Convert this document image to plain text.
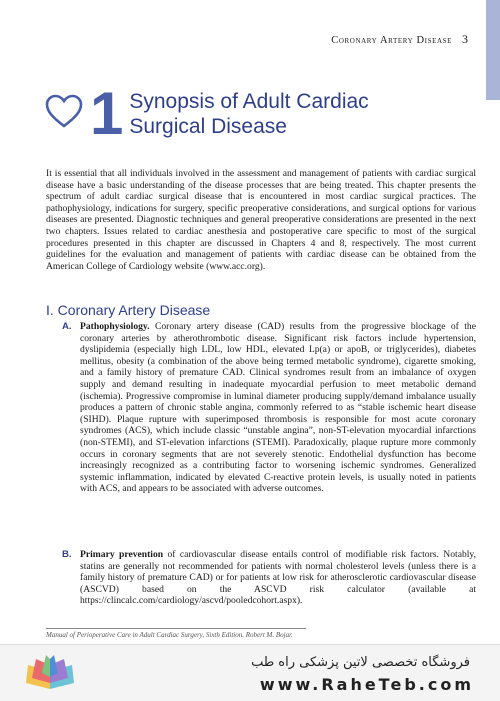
Coronary Artery Disease 3
1 Synopsis of Adult Cardiac
Surgical Disease

It is essential that all individuals involved in the assessment and management of patients with cardiac surgical disease have a basic understanding of the disease processes that are being treated. This chapter presents the spectrum of adult cardiac surgical disease that is encountered in most cardiac surgical practices. The pathophysiology, indications for surgery, specific preoperative considerations, and surgical options for various diseases are presented. Diagnostic techniques and general preoperative considerations are presented in the next two chapters. Issues related to cardiac anesthesia and postoperative care specific to most of the surgical procedures presented in this chapter are discussed in Chapters 4 and 8, respectively. The most current guidelines for the evaluation and management of patients with cardiac disease can be obtained from the American College of Cardiology website (www.acc.org).

I. Coronary Artery Disease

A. Pathophysiology. Coronary artery disease (CAD) results from the progressive blockage of the coronary arteries by atherothrombotic disease. Significant risk factors include hypertension, dyslipidemia (especially high LDL, low HDL, elevated Lp(a) or apoB, or triglycerides), diabetes mellitus, obesity (a combination of the above being termed metabolic syndrome), cigarette smoking, and a family history of premature CAD. Clinical syndromes result from an imbalance of oxygen supply and demand resulting in inadequate myocardial perfusion to meet metabolic demand (ischemia). Progressive compromise in luminal diameter producing supply/demand imbalance usually produces a pattern of chronic stable angina, commonly referred to as “stable ischemic heart disease (SIHD). Plaque rupture with superimposed thrombosis is responsible for most acute coronary syndromes (ACS), which include classic “unstable angina”, non-ST-elevation myocardial infarctions (non-STEMI), and ST-elevation infarctions (STEMI). Paradoxically, plaque rupture more commonly occurs in coronary segments that are not severely stenotic. Endothelial dysfunction has become increasingly recognized as a contributing factor to worsening ischemic syndromes. Generalized systemic inflammation, indicated by elevated C-reactive protein levels, is usually noted in patients with ACS, and appears to be associated with adverse outcomes.

B. Primary prevention of cardiovascular disease entails control of modifiable risk factors. Notably, statins are generally not recommended for patients with normal cholesterol levels (unless there is a family history of premature CAD) or for patients at low risk for atherosclerotic cardiovascular disease (ASCVD) based on the ASCVD risk calculator (available at https://clincalc.com/cardiology/ascvd/pooledcohort.aspx).

Manual of Perioperative Care in Adult Cardiac Surgery, Sixth Edition. Robert M. Bojar.
فروشگاه تخصصی لاتین پزشکی راه طب
www.RaheTeb.com
